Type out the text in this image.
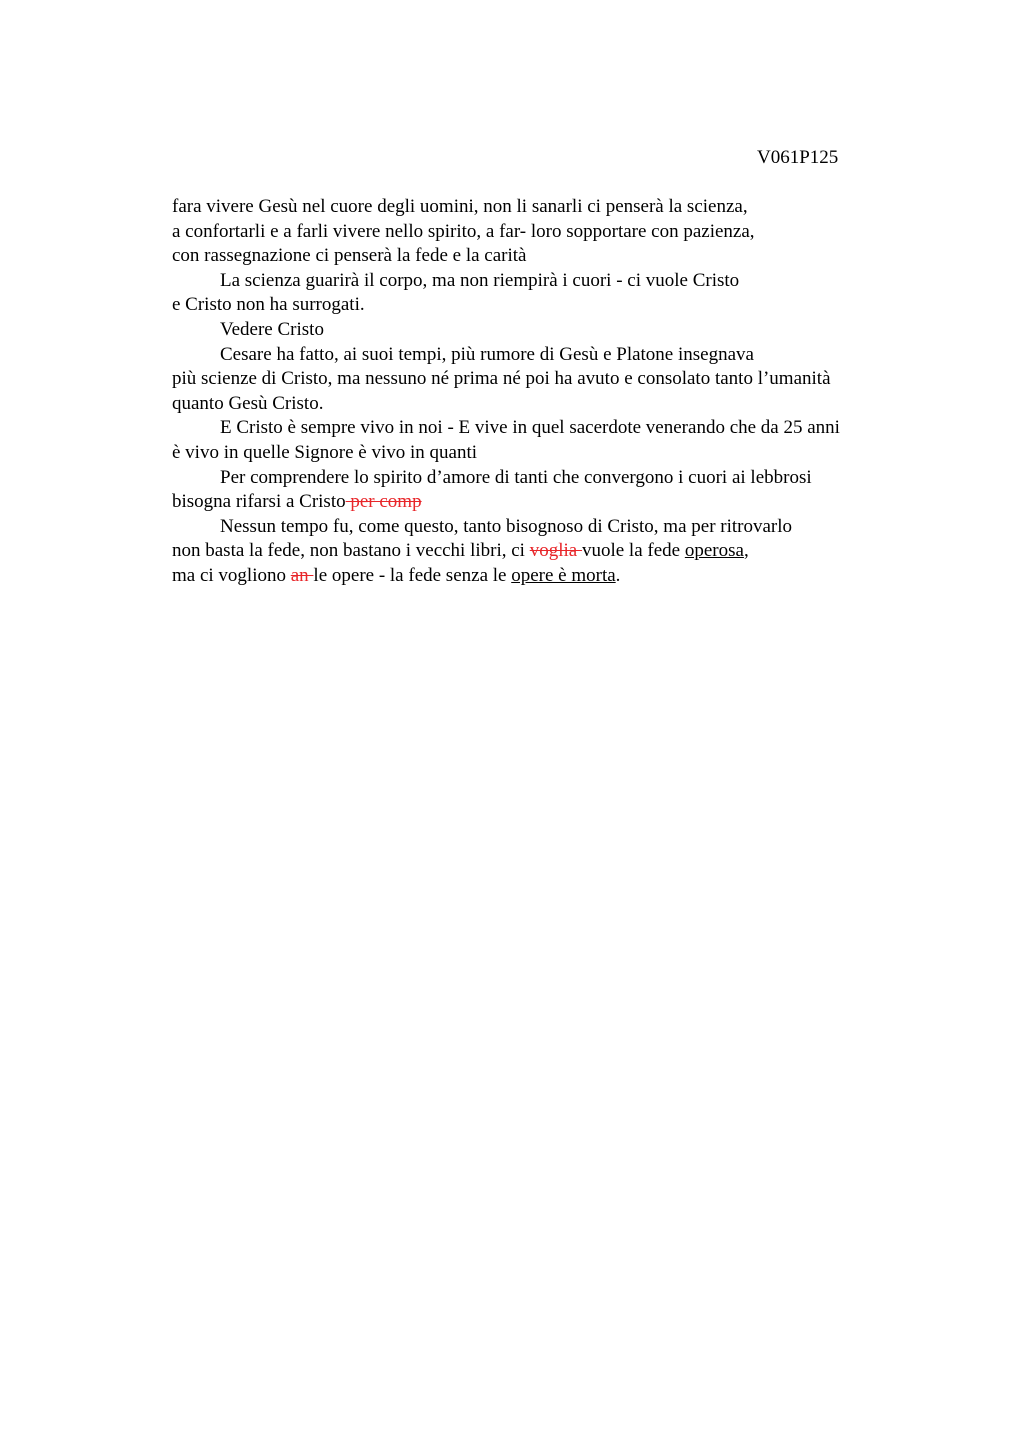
V061P125
fara vivere Gesù nel cuore degli uomini, non li sanarli ci penserà la scienza,
a confortarli e a farli vivere nello spirito, a far- loro sopportare con pazienza,
con rassegnazione ci penserà la fede e la carità
La scienza guarirà il corpo, ma non riempirà i cuori - ci vuole Cristo
e Cristo non ha surrogati.
Vedere Cristo
Cesare ha fatto, ai suoi tempi, più rumore di Gesù e Platone insegnava
più scienze di Cristo, ma nessuno né prima né poi ha avuto e consolato tanto l’umanità
quanto Gesù Cristo.
E Cristo è sempre vivo in noi - E vive in quel sacerdote venerando che da 25 anni
è vivo in quelle Signore è vivo in quanti
Per comprendere lo spirito d’amore di tanti che convergono i cuori ai lebbrosi
bisogna rifarsi a Cristo per comp
Nessun tempo fu, come questo, tanto bisognoso di Cristo, ma per ritrovarlo
non basta la fede, non bastano i vecchi libri, ci voglia vuole la fede operosa,
ma ci vogliono an le opere - la fede senza le opere è morta.
